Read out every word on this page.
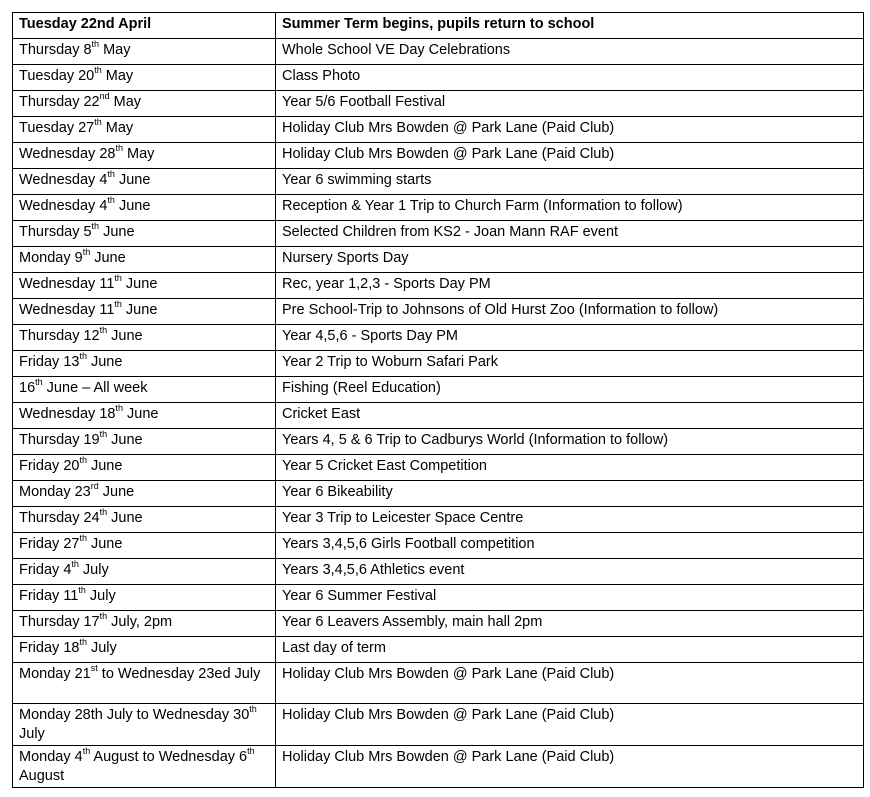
Tuesday 22nd April	Summer Term begins, pupils return to school
Thursday 8th May	Whole School VE Day Celebrations
Tuesday 20th May	Class Photo
Thursday 22nd May	Year 5/6 Football Festival
Tuesday 27th May	Holiday Club Mrs Bowden @ Park Lane (Paid Club)
Wednesday 28th May	Holiday Club Mrs Bowden @ Park Lane (Paid Club)
Wednesday 4th June	Year 6 swimming starts
Wednesday 4th June	Reception & Year 1 Trip to Church Farm (Information to follow)
Thursday 5th June	Selected Children from KS2 - Joan Mann RAF event
Monday 9th June	Nursery Sports Day
Wednesday 11th June	Rec, year 1,2,3 - Sports Day PM
Wednesday 11th June	Pre School-Trip to Johnsons of Old Hurst Zoo (Information to follow)
Thursday 12th June	Year 4,5,6 - Sports Day PM
Friday 13th June	Year 2 Trip to Woburn Safari Park
16th June – All week	Fishing (Reel Education)
Wednesday 18th June	Cricket East
Thursday 19th June	Years 4, 5 & 6 Trip to Cadburys World (Information to follow)
Friday 20th June	Year 5 Cricket East Competition
Monday 23rd June	Year 6 Bikeability
Thursday 24th June	Year 3 Trip to Leicester Space Centre
Friday 27th June	Years 3,4,5,6 Girls Football competition
Friday 4th July	Years 3,4,5,6 Athletics event
Friday 11th July	Year 6 Summer Festival
Thursday 17th July, 2pm	Year 6 Leavers Assembly, main hall 2pm
Friday 18th July	Last day of term
Monday 21st to Wednesday 23ed July	Holiday Club Mrs Bowden @ Park Lane (Paid Club)
Monday 28th July to Wednesday 30th July	Holiday Club Mrs Bowden @ Park Lane (Paid Club)
Monday 4th August to Wednesday 6th August	Holiday Club Mrs Bowden @ Park Lane (Paid Club)
